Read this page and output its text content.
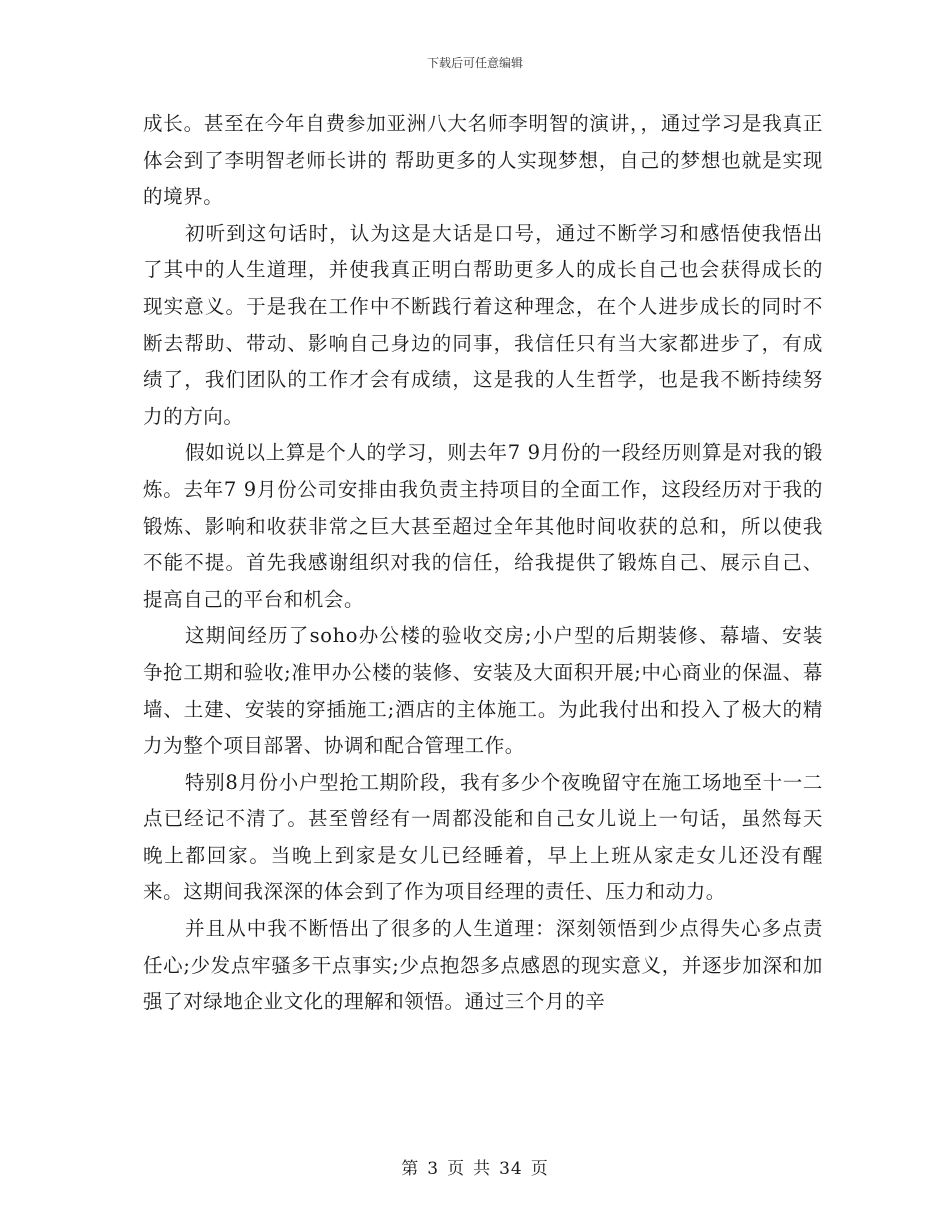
下载后可任意编辑

成长。甚至在今年自费参加亚洲八大名师李明智的演讲，，通过学习是我真正体会到了李明智老师长讲的 帮助更多的人实现梦想，自己的梦想也就是实现 的境界。

初听到这句话时，认为这是大话是口号，通过不断学习和感悟使我悟出了其中的人生道理，并使我真正明白帮助更多人的成长自己也会获得成长的现实意义。于是我在工作中不断践行着这种理念，在个人进步成长的同时不断去帮助、带动、影响自己身边的同事，我信任只有当大家都进步了，有成绩了，我们团队的工作才会有成绩，这是我的人生哲学，也是我不断持续努力的方向。

假如说以上算是个人的学习，则去年7 9月份的一段经历则算是对我的锻炼。去年7 9月份公司安排由我负责主持项目的全面工作，这段经历对于我的锻炼、影响和收获非常之巨大甚至超过全年其他时间收获的总和，所以使我不能不提。首先我感谢组织对我的信任，给我提供了锻炼自己、展示自己、提高自己的平台和机会。

这期间经历了soho办公楼的验收交房;小户型的后期装修、幕墙、安装争抢工期和验收;准甲办公楼的装修、安装及大面积开展;中心商业的保温、幕墙、土建、安装的穿插施工;酒店的主体施工。为此我付出和投入了极大的精力为整个项目部署、协调和配合管理工作。

特别8月份小户型抢工期阶段，我有多少个夜晚留守在施工场地至十一二点已经记不清了。甚至曾经有一周都没能和自己女儿说上一句话，虽然每天晚上都回家。当晚上到家是女儿已经睡着，早上上班从家走女儿还没有醒来。这期间我深深的体会到了作为项目经理的责任、压力和动力。

并且从中我不断悟出了很多的人生道理：深刻领悟到少点得失心多点责任心;少发点牢骚多干点事实;少点抱怨多点感恩的现实意义，并逐步加深和加强了对绿地企业文化的理解和领悟。通过三个月的辛

第 3 页 共 34 页
